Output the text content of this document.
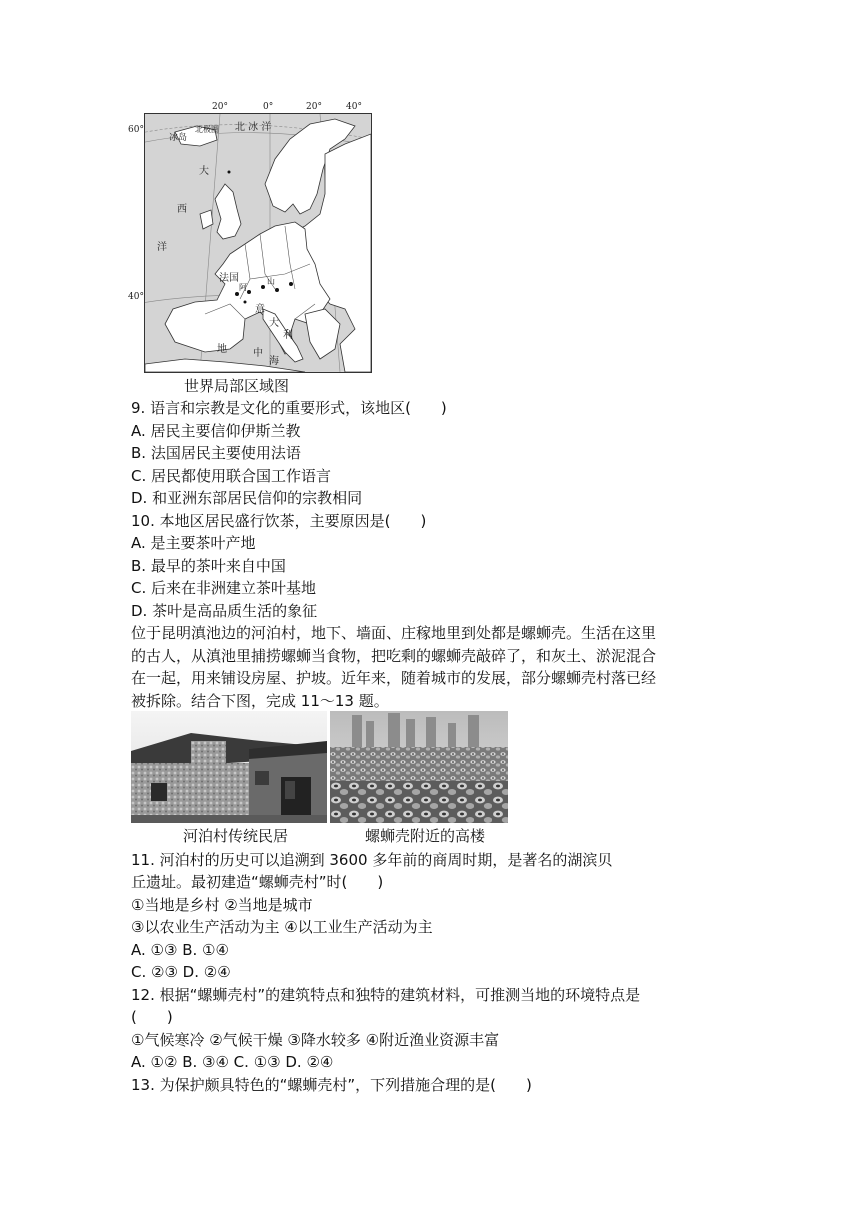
20°	0°	20°	40°
60°
40°
北 冰 洋
冰岛
北极圈
大
西
洋
法国
阿
山
意
大
利
地	中
海
世界局部区域图
9. 语言和宗教是文化的重要形式，该地区(　　)
A. 居民主要信仰伊斯兰教
B. 法国居民主要使用法语
C. 居民都使用联合国工作语言
D. 和亚洲东部居民信仰的宗教相同
10. 本地区居民盛行饮茶，主要原因是(　　)
A. 是主要茶叶产地
B. 最早的茶叶来自中国
C. 后来在非洲建立茶叶基地
D. 茶叶是高品质生活的象征
位于昆明滇池边的河泊村，地下、墙面、庄稼地里到处都是螺蛳壳。生活在这里
的古人，从滇池里捕捞螺蛳当食物，把吃剩的螺蛳壳敲碎了，和灰土、淤泥混合
在一起，用来铺设房屋、护坡。近年来，随着城市的发展，部分螺蛳壳村落已经
被拆除。结合下图，完成 11～13 题。
河泊村传统民居	螺蛳壳附近的高楼
11. 河泊村的历史可以追溯到 3600 多年前的商周时期，是著名的湖滨贝
丘遗址。最初建造“螺蛳壳村”时(　　)
①当地是乡村 ②当地是城市
③以农业生产活动为主 ④以工业生产活动为主
A. ①③ B. ①④
C. ②③ D. ②④
12. 根据“螺蛳壳村”的建筑特点和独特的建筑材料，可推测当地的环境特点是
(　　)
①气候寒冷 ②气候干燥 ③降水较多 ④附近渔业资源丰富
A. ①② B. ③④ C. ①③ D. ②④
13. 为保护颇具特色的“螺蛳壳村”，下列措施合理的是(　　)
